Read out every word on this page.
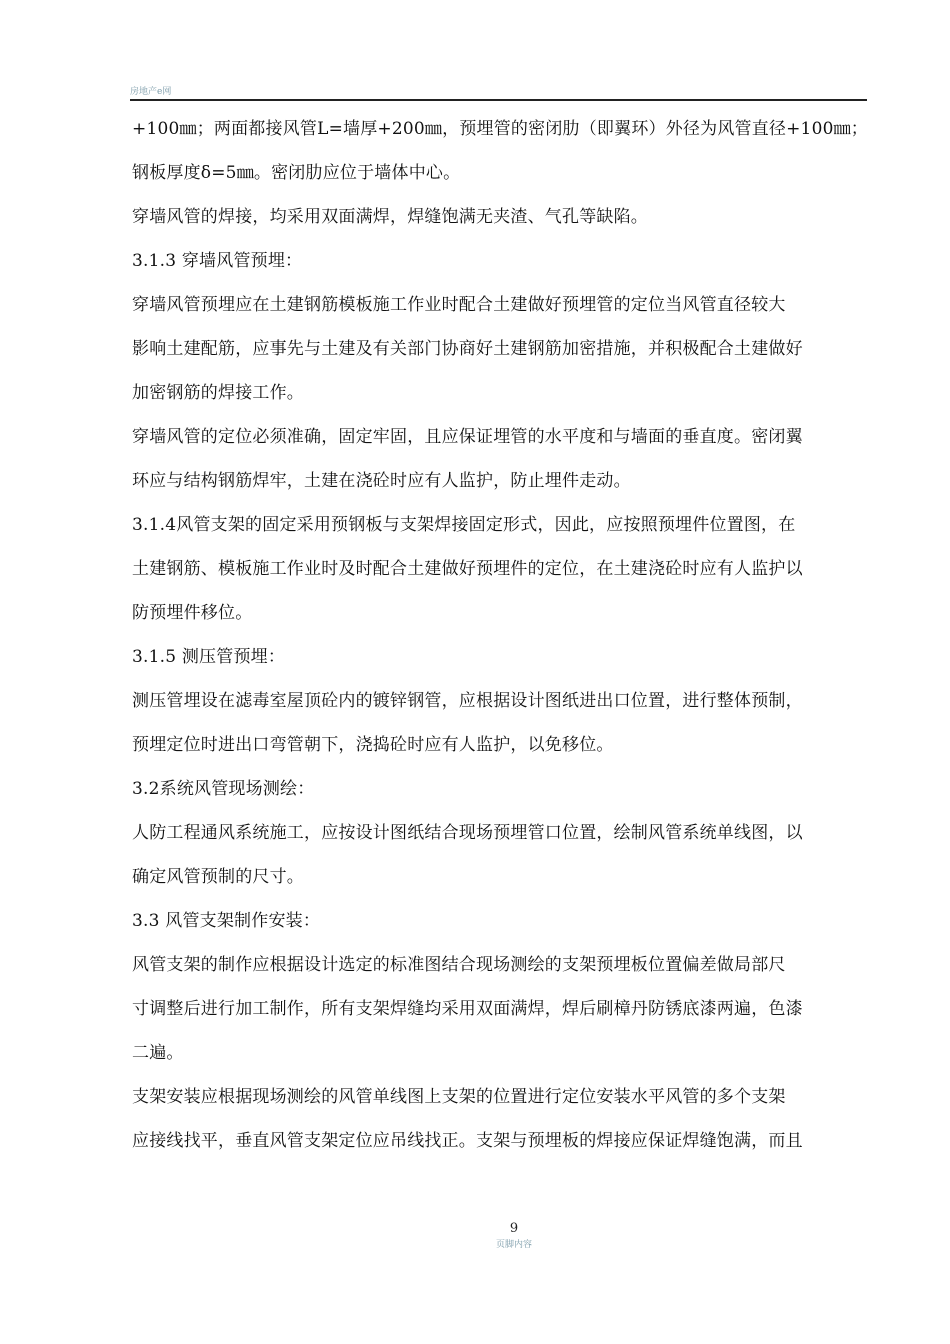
房地产e网
+100㎜；两面都接风管L=墙厚+200㎜，预埋管的密闭肋（即翼环）外径为风管直径+100㎜；
钢板厚度δ=5㎜。密闭肋应位于墙体中心。
穿墙风管的焊接，均采用双面满焊，焊缝饱满无夹渣、气孔等缺陷。
3.1.3 穿墙风管预埋：
穿墙风管预埋应在土建钢筋模板施工作业时配合土建做好预埋管的定位当风管直径较大
影响土建配筋，应事先与土建及有关部门协商好土建钢筋加密措施，并积极配合土建做好
加密钢筋的焊接工作。
穿墙风管的定位必须准确，固定牢固，且应保证埋管的水平度和与墙面的垂直度。密闭翼
环应与结构钢筋焊牢，土建在浇砼时应有人监护，防止埋件走动。
3.1.4风管支架的固定采用预钢板与支架焊接固定形式，因此，应按照预埋件位置图，在
土建钢筋、模板施工作业时及时配合土建做好预埋件的定位，在土建浇砼时应有人监护以
防预埋件移位。
3.1.5 测压管预埋：
测压管埋设在滤毒室屋顶砼内的镀锌钢管，应根据设计图纸进出口位置，进行整体预制，
预埋定位时进出口弯管朝下，浇捣砼时应有人监护，以免移位。
3.2系统风管现场测绘：
人防工程通风系统施工，应按设计图纸结合现场预埋管口位置，绘制风管系统单线图，以
确定风管预制的尺寸。
3.3 风管支架制作安装：
风管支架的制作应根据设计选定的标准图结合现场测绘的支架预埋板位置偏差做局部尺
寸调整后进行加工制作，所有支架焊缝均采用双面满焊，焊后刷樟丹防锈底漆两遍，色漆
二遍。
支架安装应根据现场测绘的风管单线图上支架的位置进行定位安装水平风管的多个支架
应接线找平，垂直风管支架定位应吊线找正。支架与预埋板的焊接应保证焊缝饱满，而且
9
页脚内容
